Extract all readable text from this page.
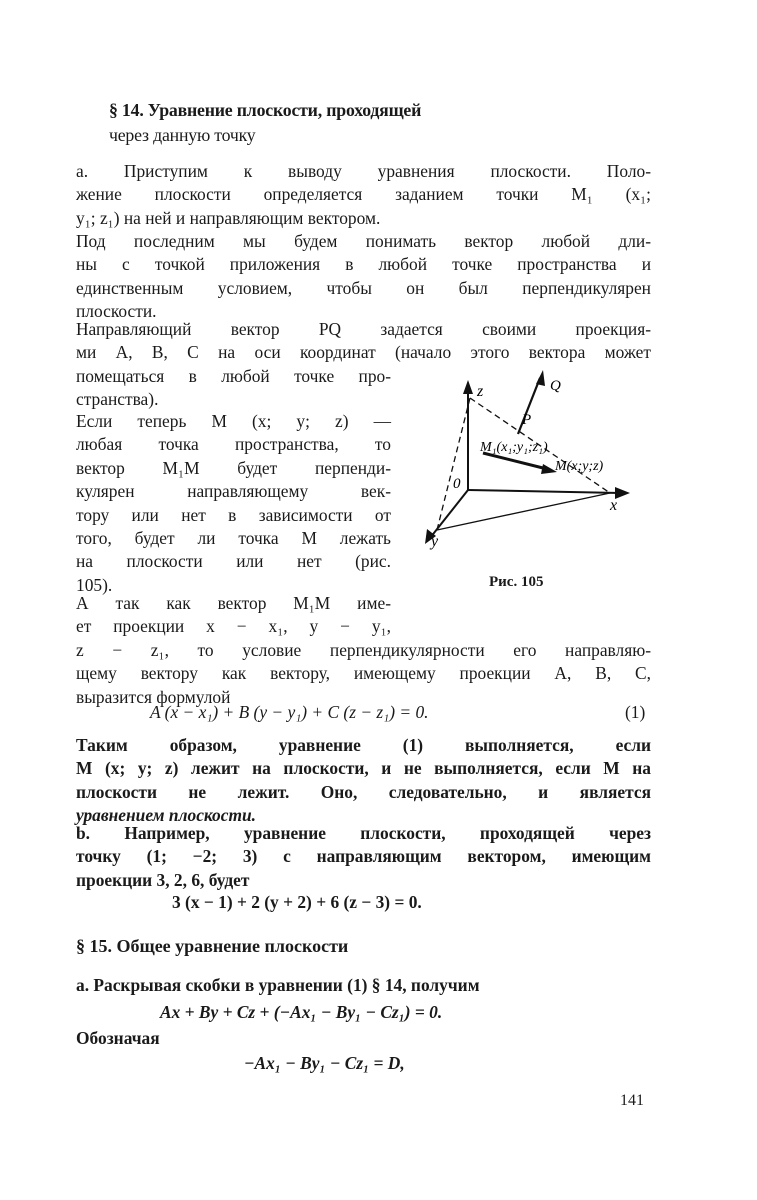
§ 14. Уравнение плоскости, проходящей
через данную точку

а. Приступим к выводу уравнения плоскости. Поло-
жение плоскости определяется заданием точки M₁ (x₁;
y₁; z₁) на ней и направляющим вектором.

Под последним мы будем понимать вектор любой дли-
ны с точкой приложения в любой точке пространства и
единственным условием, чтобы он был перпендикулярен
плоскости.

Направляющий вектор PQ задается своими проекция-
ми A, B, C на оси координат (начало этого вектора может
помещаться в любой точке про-
странства).

Если теперь M (x; y; z) —
любая точка пространства, то
вектор M₁M будет перпенди-
кулярен направляющему век-
тору или нет в зависимости от
того, будет ли точка M лежать
на плоскости или нет (рис.
105).

А так как вектор M₁M име-
ет проекции x − x₁, y − y₁,
z − z₁, то условие перпендикулярности его направляю-
щему вектору как вектору, имеющему проекции A, B, C,
выразится формулой

A (x − x₁) + B (y − y₁) + C (z − z₁) = 0.	(1)

Таким образом, уравнение (1) выполняется, если
M (x; y; z) лежит на плоскости, и не выполняется, если M на
плоскости не лежит. Оно, следовательно, и является
уравнением плоскости.

b. Например, уравнение плоскости, проходящей через
точку (1; −2; 3) с направляющим вектором, имеющим
проекции 3, 2, 6, будет

3 (x − 1) + 2 (y + 2) + 6 (z − 3) = 0.
§ 15. Общее уравнение плоскости
а. Раскрывая скобки в уравнении (1) § 14, получим
Ax + By + Cz + (−Ax₁ − By₁ − Cz₁) = 0.
Обозначая
−Ax₁ − By₁ − Cz₁ = D,
z
0
Q
P
M₁(x₁;y₁;z₁)
M(x;y;z)
x
y
Рис. 105
141
